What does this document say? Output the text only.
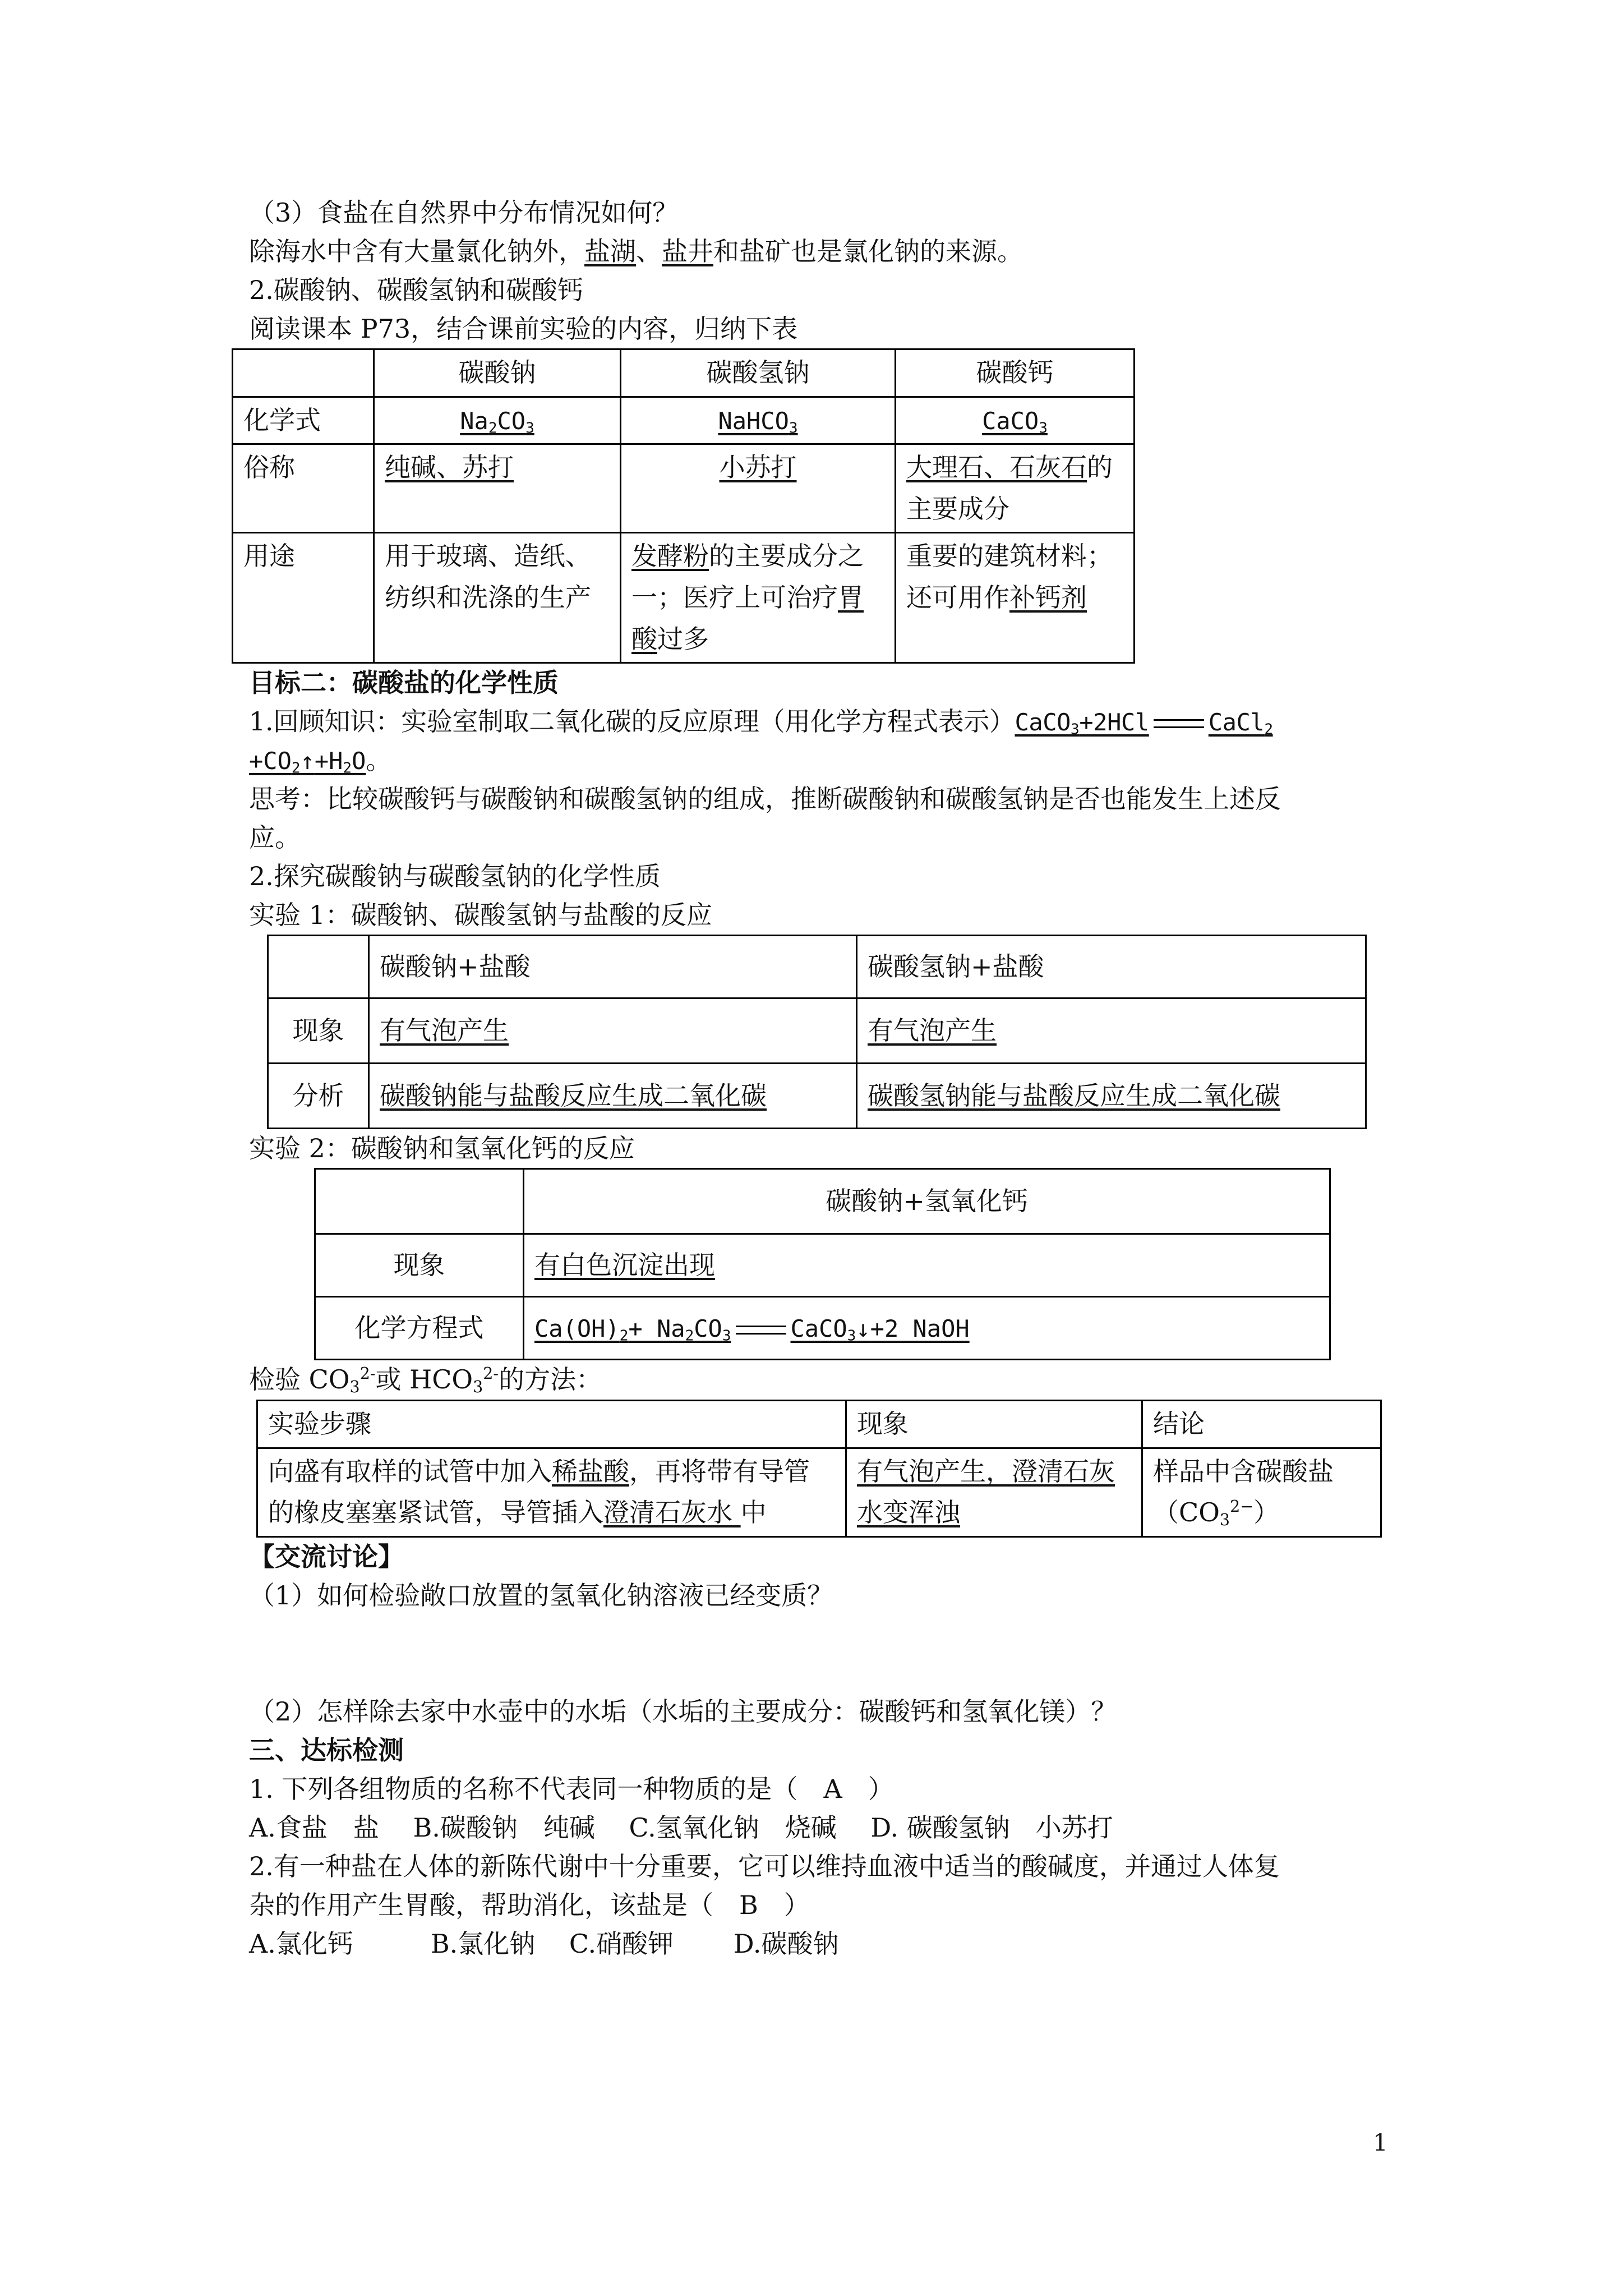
（3）食盐在自然界中分布情况如何？

除海水中含有大量氯化钠外，盐湖、盐井和盐矿也是氯化钠的来源。

2.碳酸钠、碳酸氢钠和碳酸钙

阅读课本 P73，结合课前实验的内容，归纳下表

	碳酸钠	碳酸氢钠	碳酸钙
化学式	$Na_2CO_3$	NaHCO$_3$	CaCO$_3$
俗称	纯碱、苏打	小苏打	大理石、石灰石的主要成分
用途	用于玻璃、造纸、纺织和洗涤的生产	发酵粉的主要成分之一；医疗上可治疗胃酸过多	重要的建筑材料；还可用作补钙剂

目标二：碳酸盐的化学性质

1.回顾知识：实验室制取二氧化碳的反应原理（用化学方程式表示）CaCO$_3$+2HCl	CaCl$_2$

$+CO_2↑+H_2O$。

思考：比较碳酸钙与碳酸钠和碳酸氢钠的组成，推断碳酸钠和碳酸氢钠是否也能发生上述反

应。

2.探究碳酸钠与碳酸氢钠的化学性质

实验 1：碳酸钠、碳酸氢钠与盐酸的反应

	碳酸钠+盐酸	碳酸氢钠+盐酸
现象	有气泡产生	有气泡产生
分析	碳酸钠能与盐酸反应生成二氧化碳	碳酸氢钠能与盐酸反应生成二氧化碳

实验 2：碳酸钠和氢氧化钙的反应

	碳酸钠+氢氧化钙
现象	有白色沉淀出现
化学方程式	$Ca(OH)_2+ Na_2CO_3$ CaCO$_3$↓+2 NaOH

检验 $CO_3^{2-}$或 $HCO_3^{2-}$的方法：

实验步骤	现象	结论
向盛有取样的试管中加入稀盐酸，再将带有导管的橡皮塞塞紧试管，导管插入澄清石灰水 中	有气泡产生，澄清石灰水变浑浊	样品中含碳酸盐
$(CO_3^{2-})$

【交流讨论】

（1）如何检验敞口放置的氢氧化钠溶液已经变质？

（2）怎样除去家中水壶中的水垢（水垢的主要成分：碳酸钙和氢氧化镁）？

三、达标检测

1. 下列各组物质的名称不代表同一种物质的是（　A　）

A.食盐　盐　 B.碳酸钠　纯碱　 C.氢氧化钠　烧碱　 D. 碳酸氢钠　小苏打

2.有一种盐在人体的新陈代谢中十分重要，它可以维持血液中适当的酸碱度，并通过人体复

杂的作用产生胃酸，帮助消化，该盐是（　B　）

A.氯化钙　　　B.氯化钠　 C.硝酸钾　　 D.碳酸钠

1
